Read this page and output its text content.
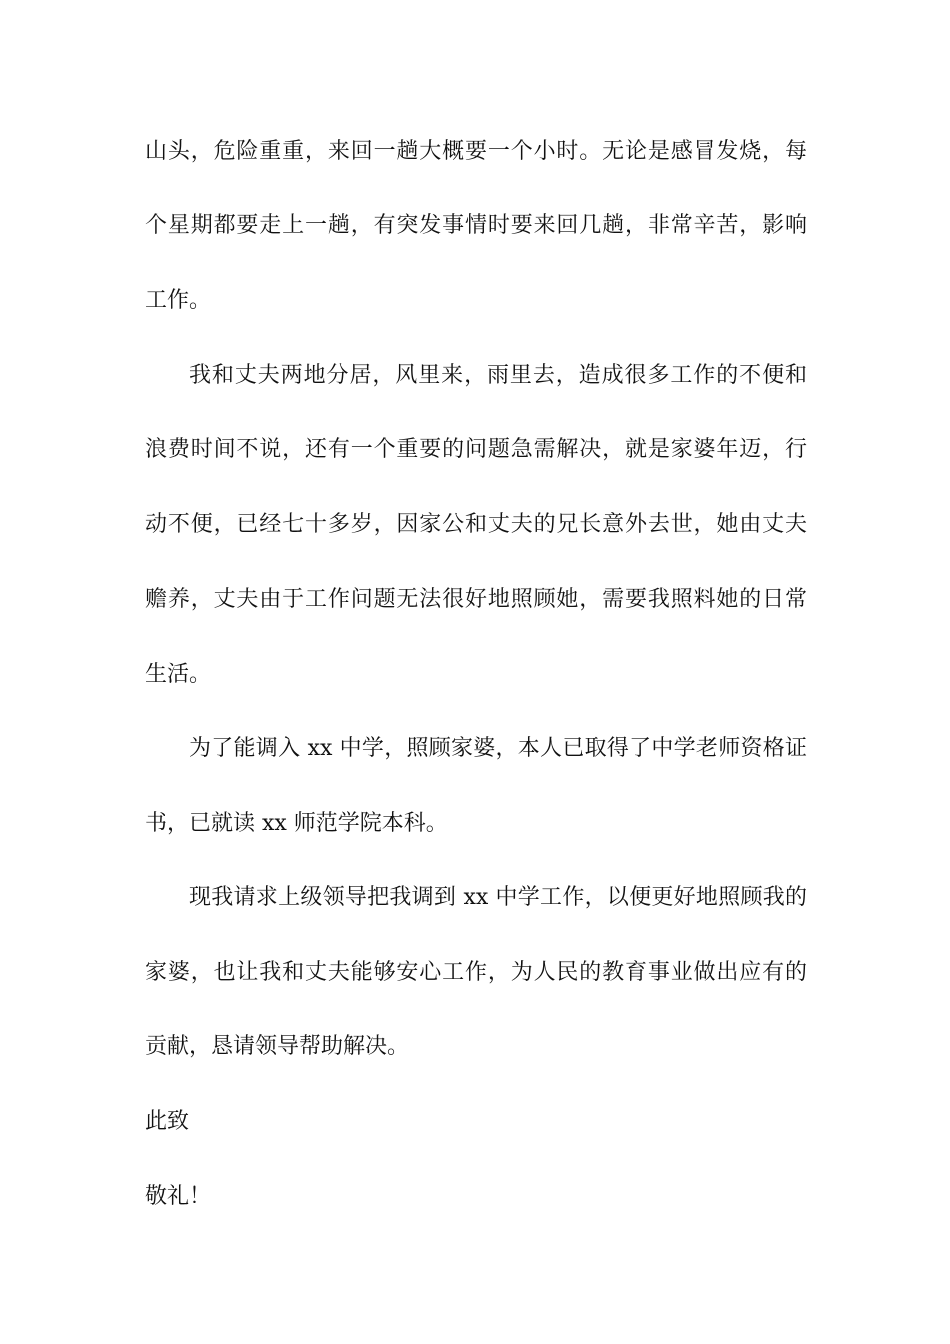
山头，危险重重，来回一趟大概要一个小时。无论是感冒发烧，每
个星期都要走上一趟，有突发事情时要来回几趟，非常辛苦，影响
工作。
我和丈夫两地分居，风里来，雨里去，造成很多工作的不便和
浪费时间不说，还有一个重要的问题急需解决，就是家婆年迈，行
动不便，已经七十多岁，因家公和丈夫的兄长意外去世，她由丈夫
赡养，丈夫由于工作问题无法很好地照顾她，需要我照料她的日常
生活。
为了能调入 xx 中学，照顾家婆，本人已取得了中学老师资格证
书，已就读 xx 师范学院本科。
现我请求上级领导把我调到 xx 中学工作，以便更好地照顾我的
家婆，也让我和丈夫能够安心工作，为人民的教育事业做出应有的
贡献，恳请领导帮助解决。
此致
敬礼！
